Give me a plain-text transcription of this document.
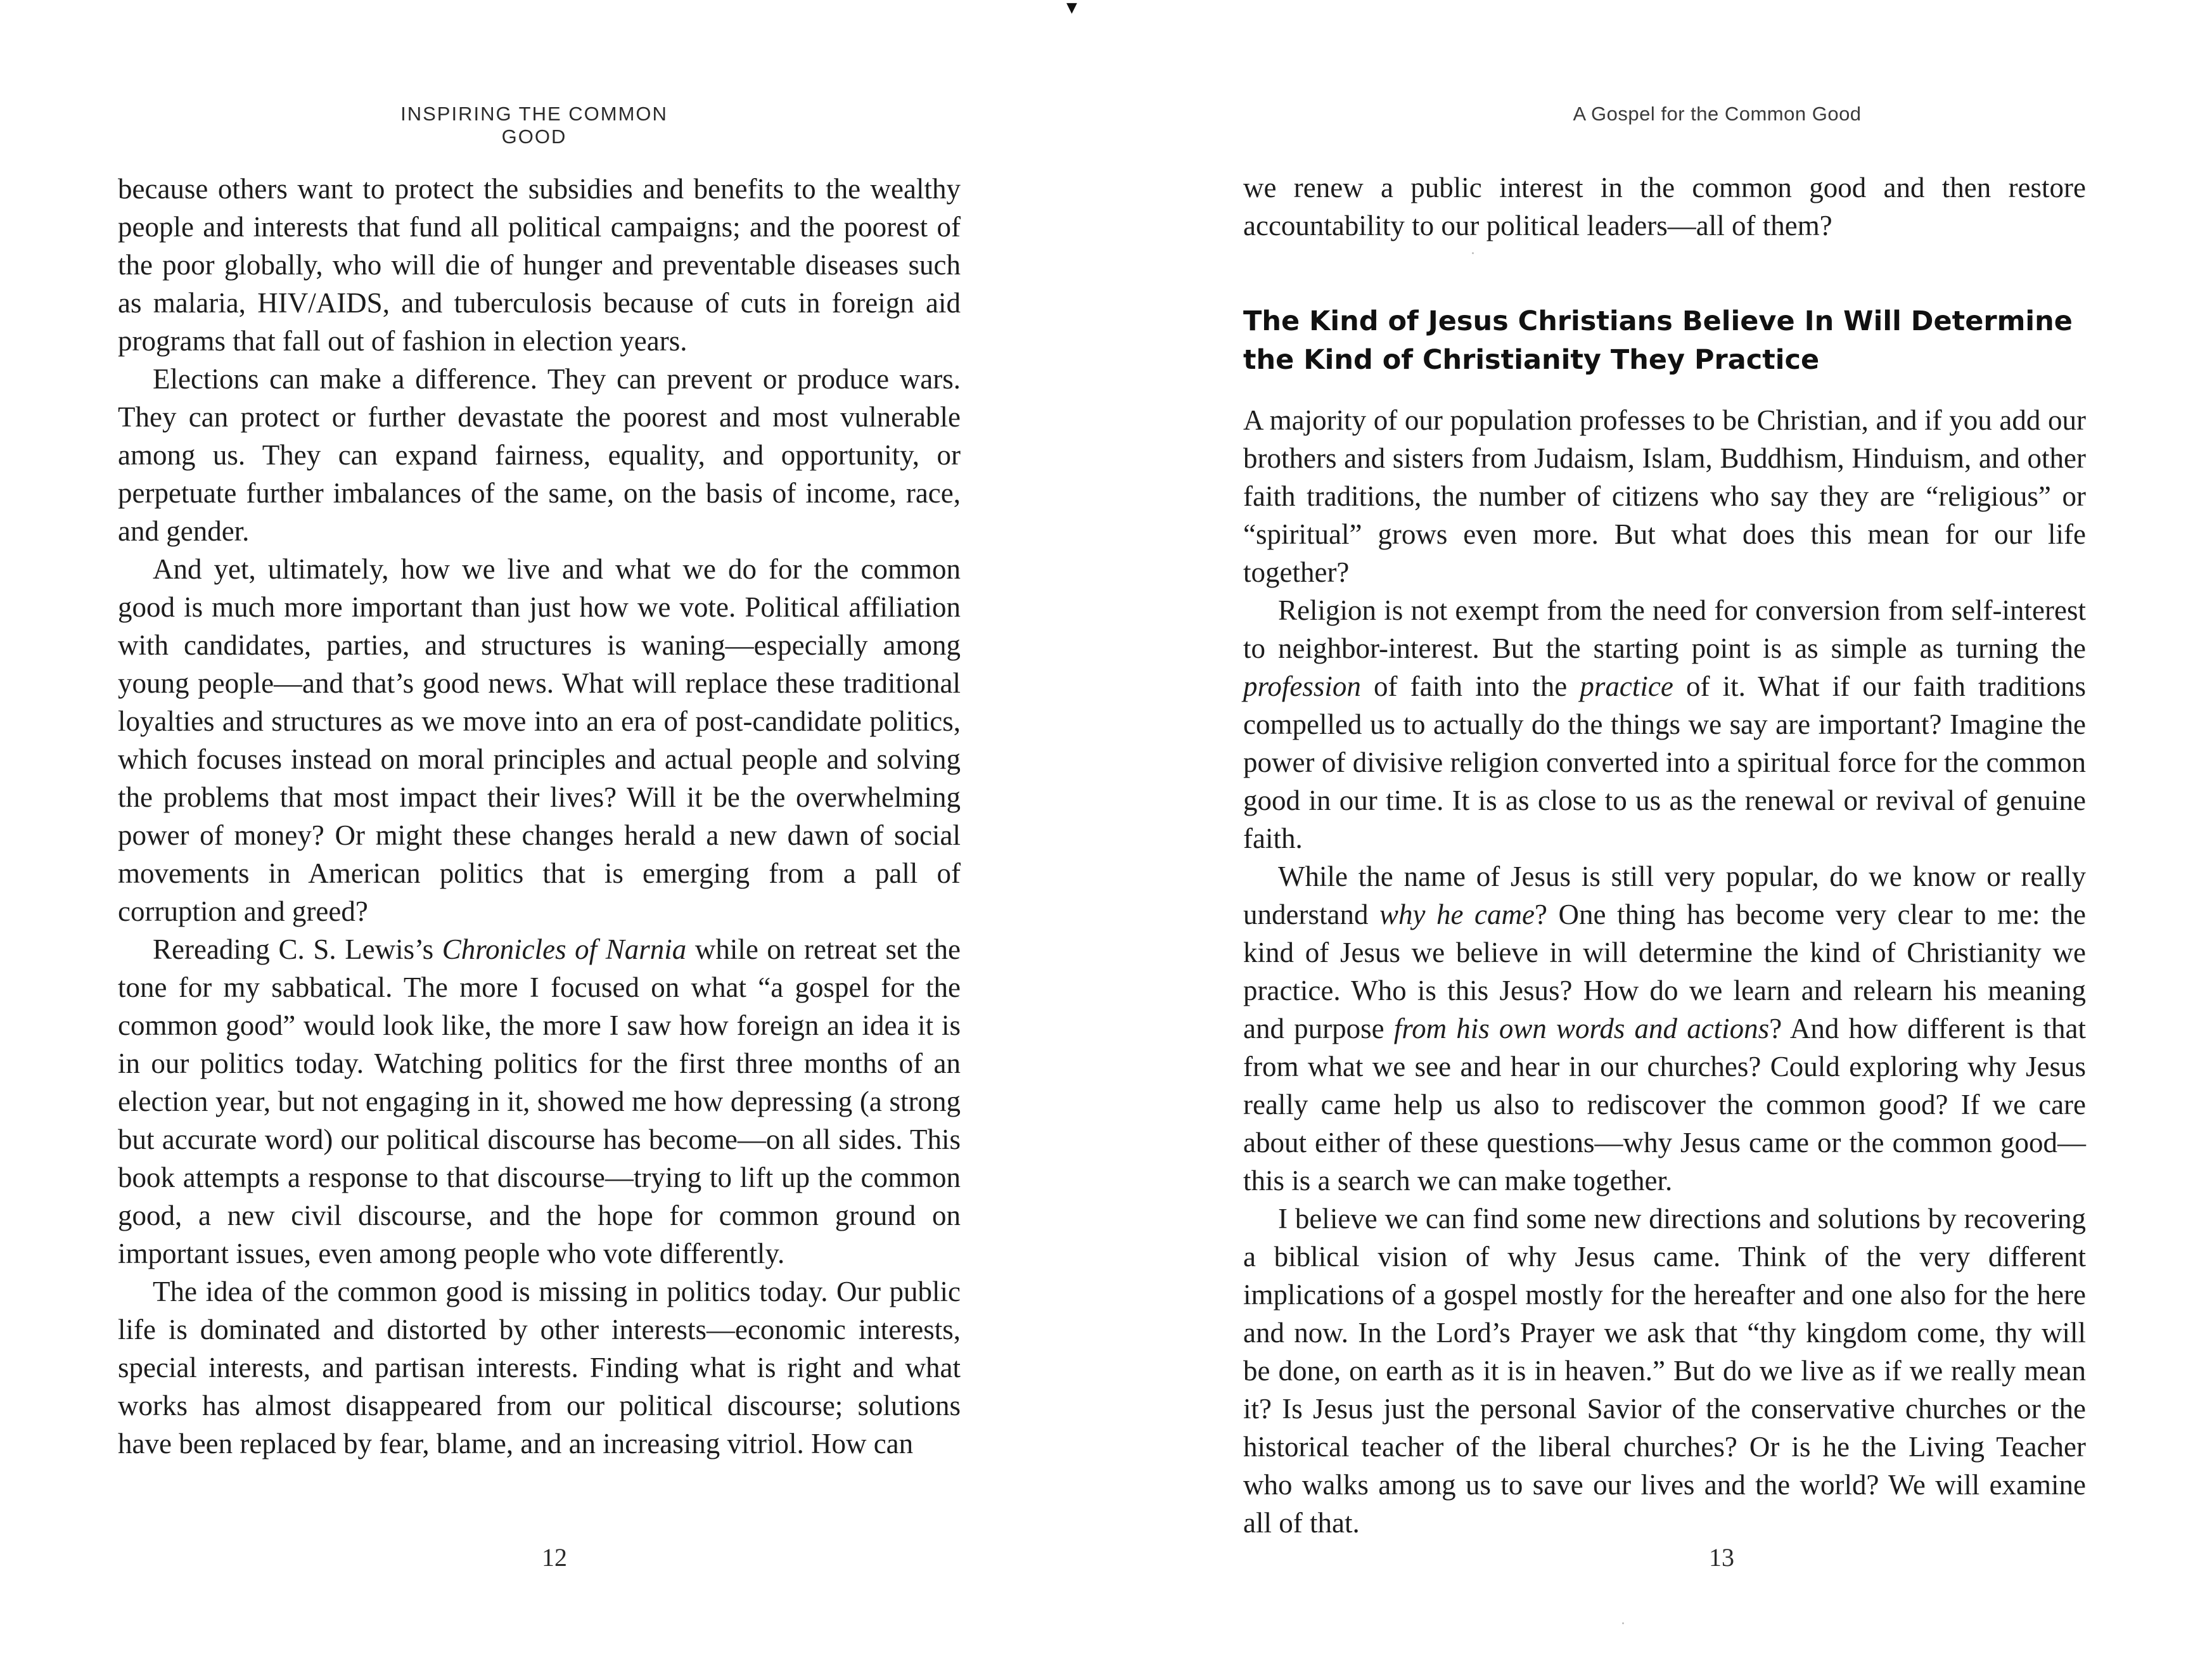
▼
INSPIRING THE COMMON GOOD

because others want to protect the subsidies and benefits to the wealthy people and interests that fund all political campaigns; and the poorest of the poor globally, who will die of hunger and preventable diseases such as malaria, HIV/AIDS, and tuberculosis because of cuts in foreign aid programs that fall out of fashion in election years.

Elections can make a difference. They can prevent or produce wars. They can protect or further devastate the poorest and most vulnerable among us. They can expand fairness, equality, and opportunity, or perpetuate further imbalances of the same, on the basis of income, race, and gender.

And yet, ultimately, how we live and what we do for the common good is much more important than just how we vote. Political affiliation with candidates, parties, and structures is waning—especially among young people—and that’s good news. What will replace these traditional loyalties and structures as we move into an era of post-candidate politics, which focuses instead on moral principles and actual people and solving the problems that most impact their lives? Will it be the overwhelming power of money? Or might these changes herald a new dawn of social movements in American politics that is emerging from a pall of corruption and greed?

Rereading C. S. Lewis’s Chronicles of Narnia while on retreat set the tone for my sabbatical. The more I focused on what “a gospel for the common good” would look like, the more I saw how foreign an idea it is in our politics today. Watching politics for the first three months of an election year, but not engaging in it, showed me how depressing (a strong but accurate word) our political discourse has become—on all sides. This book attempts a response to that discourse—trying to lift up the common good, a new civil discourse, and the hope for common ground on important issues, even among people who vote differently.

The idea of the common good is missing in politics today. Our public life is dominated and distorted by other interests—economic interests, special interests, and partisan interests. Finding what is right and what works has almost disappeared from our political discourse; solutions have been replaced by fear, blame, and an increasing vitriol. How can

12
A Gospel for the Common Good

we renew a public interest in the common good and then restore accountability to our political leaders—all of them?

The Kind of Jesus Christians Believe In Will Determine the Kind of Christianity They Practice

A majority of our population professes to be Christian, and if you add our brothers and sisters from Judaism, Islam, Buddhism, Hinduism, and other faith traditions, the number of citizens who say they are “religious” or “spiritual” grows even more. But what does this mean for our life together?

Religion is not exempt from the need for conversion from self-interest to neighbor-interest. But the starting point is as simple as turning the profession of faith into the practice of it. What if our faith traditions compelled us to actually do the things we say are important? Imagine the power of divisive religion converted into a spiritual force for the common good in our time. It is as close to us as the renewal or revival of genuine faith.

While the name of Jesus is still very popular, do we know or really understand why he came? One thing has become very clear to me: the kind of Jesus we believe in will determine the kind of Christianity we practice. Who is this Jesus? How do we learn and relearn his meaning and purpose from his own words and actions? And how different is that from what we see and hear in our churches? Could exploring why Jesus really came help us also to rediscover the common good? If we care about either of these questions—why Jesus came or the common good—this is a search we can make together.

I believe we can find some new directions and solutions by recovering a biblical vision of why Jesus came. Think of the very different implications of a gospel mostly for the hereafter and one also for the here and now. In the Lord’s Prayer we ask that “thy kingdom come, thy will be done, on earth as it is in heaven.” But do we live as if we really mean it? Is Jesus just the personal Savior of the conservative churches or the historical teacher of the liberal churches? Or is he the Living Teacher who walks among us to save our lives and the world? We will examine all of that.

13
